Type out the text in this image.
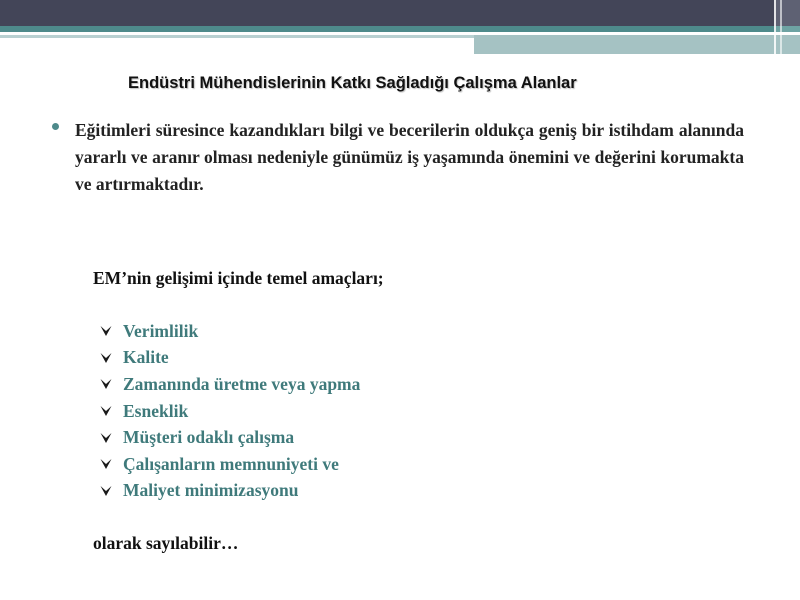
Endüstri Mühendislerinin Katkı Sağladığı Çalışma Alanlar
Eğitimleri süresince kazandıkları bilgi ve becerilerin oldukça geniş bir istihdam alanında yararlı ve aranır olması nedeniyle günümüz iş yaşamında önemini ve değerini korumakta ve artırmaktadır.
EM’nin gelişimi içinde temel amaçları;
Verimlilik
Kalite
Zamanında üretme veya yapma
Esneklik
Müşteri odaklı çalışma
Çalışanların memnuniyeti ve
Maliyet minimizasyonu
olarak sayılabilir…
